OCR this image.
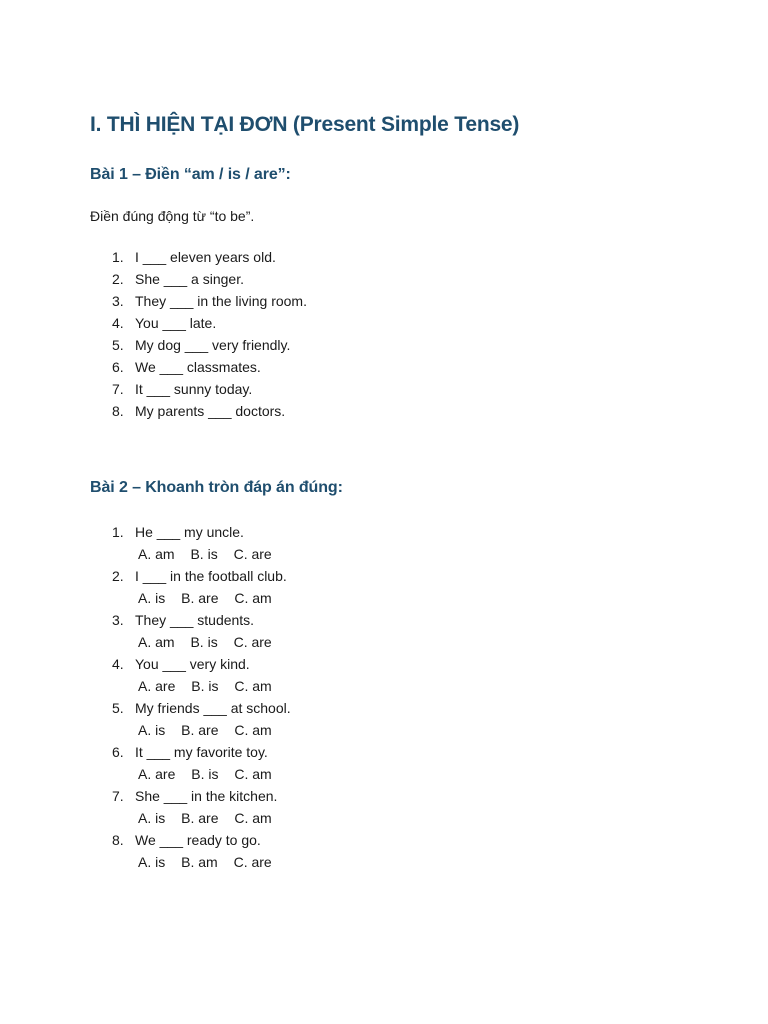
I. THÌ HIỆN TẠI ĐƠN (Present Simple Tense)
Bài 1 – Điền “am / is / are”:

Điền đúng động từ “to be”.

1. I ___ eleven years old.
2. She ___ a singer.
3. They ___ in the living room.
4. You ___ late.
5. My dog ___ very friendly.
6. We ___ classmates.
7. It ___ sunny today.
8. My parents ___ doctors.
Bài 2 – Khoanh tròn đáp án đúng:
1. He ___ my uncle.
A. am B. is C. are
2. I ___ in the football club.
A. is B. are C. am
3. They ___ students.
A. am B. is C. are
4. You ___ very kind.
A. are B. is C. am
5. My friends ___ at school.
A. is B. are C. am
6. It ___ my favorite toy.
A. are B. is C. am
7. She ___ in the kitchen.
A. is B. are C. am
8. We ___ ready to go.
A. is B. am C. are
